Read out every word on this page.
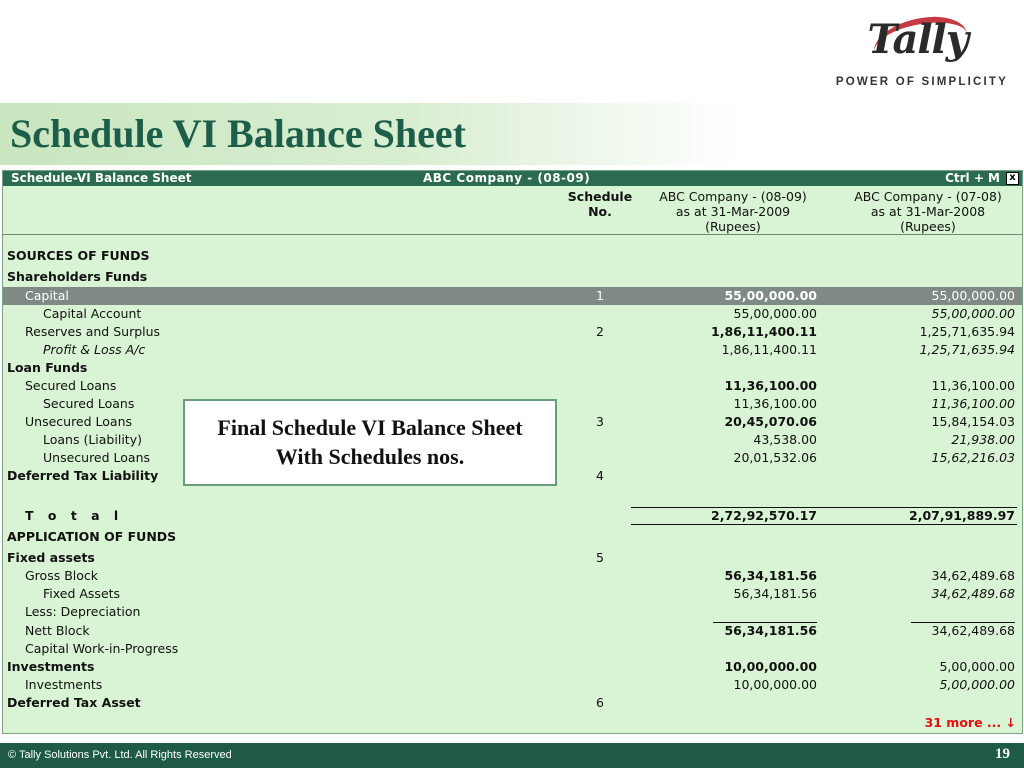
Tally
POWER OF SIMPLICITY
Schedule VI Balance Sheet
Schedule-VI Balance Sheet	ABC Company - (08-09)	Ctrl + M x
Schedule
No.
ABC Company - (08-09)
as at 31-Mar-2009
(Rupees)
ABC Company - (07-08)
as at 31-Mar-2008
(Rupees)
SOURCES OF FUNDS
Shareholders Funds
Capital	1	55,00,000.00	55,00,000.00
Capital Account	55,00,000.00	55,00,000.00
Reserves and Surplus	2	1,86,11,400.11	1,25,71,635.94
Profit & Loss A/c	1,86,11,400.11	1,25,71,635.94
Loan Funds
Secured Loans	11,36,100.00	11,36,100.00
Secured Loans	11,36,100.00	11,36,100.00
Unsecured Loans	3	20,45,070.06	15,84,154.03
Loans (Liability)	43,538.00	21,938.00
Unsecured Loans	20,01,532.06	15,62,216.03
Deferred Tax Liability	4
T o t a l	2,72,92,570.17	2,07,91,889.97
APPLICATION OF FUNDS
Fixed assets	5
Gross Block	56,34,181.56	34,62,489.68
Fixed Assets	56,34,181.56	34,62,489.68
Less: Depreciation
Nett Block	56,34,181.56	34,62,489.68
Capital Work-in-Progress
Investments	10,00,000.00	5,00,000.00
Investments	10,00,000.00	5,00,000.00
Deferred Tax Asset	6
31 more ... ↓
Final Schedule VI Balance Sheet
With Schedules nos.
© Tally Solutions Pvt. Ltd. All Rights Reserved	19
